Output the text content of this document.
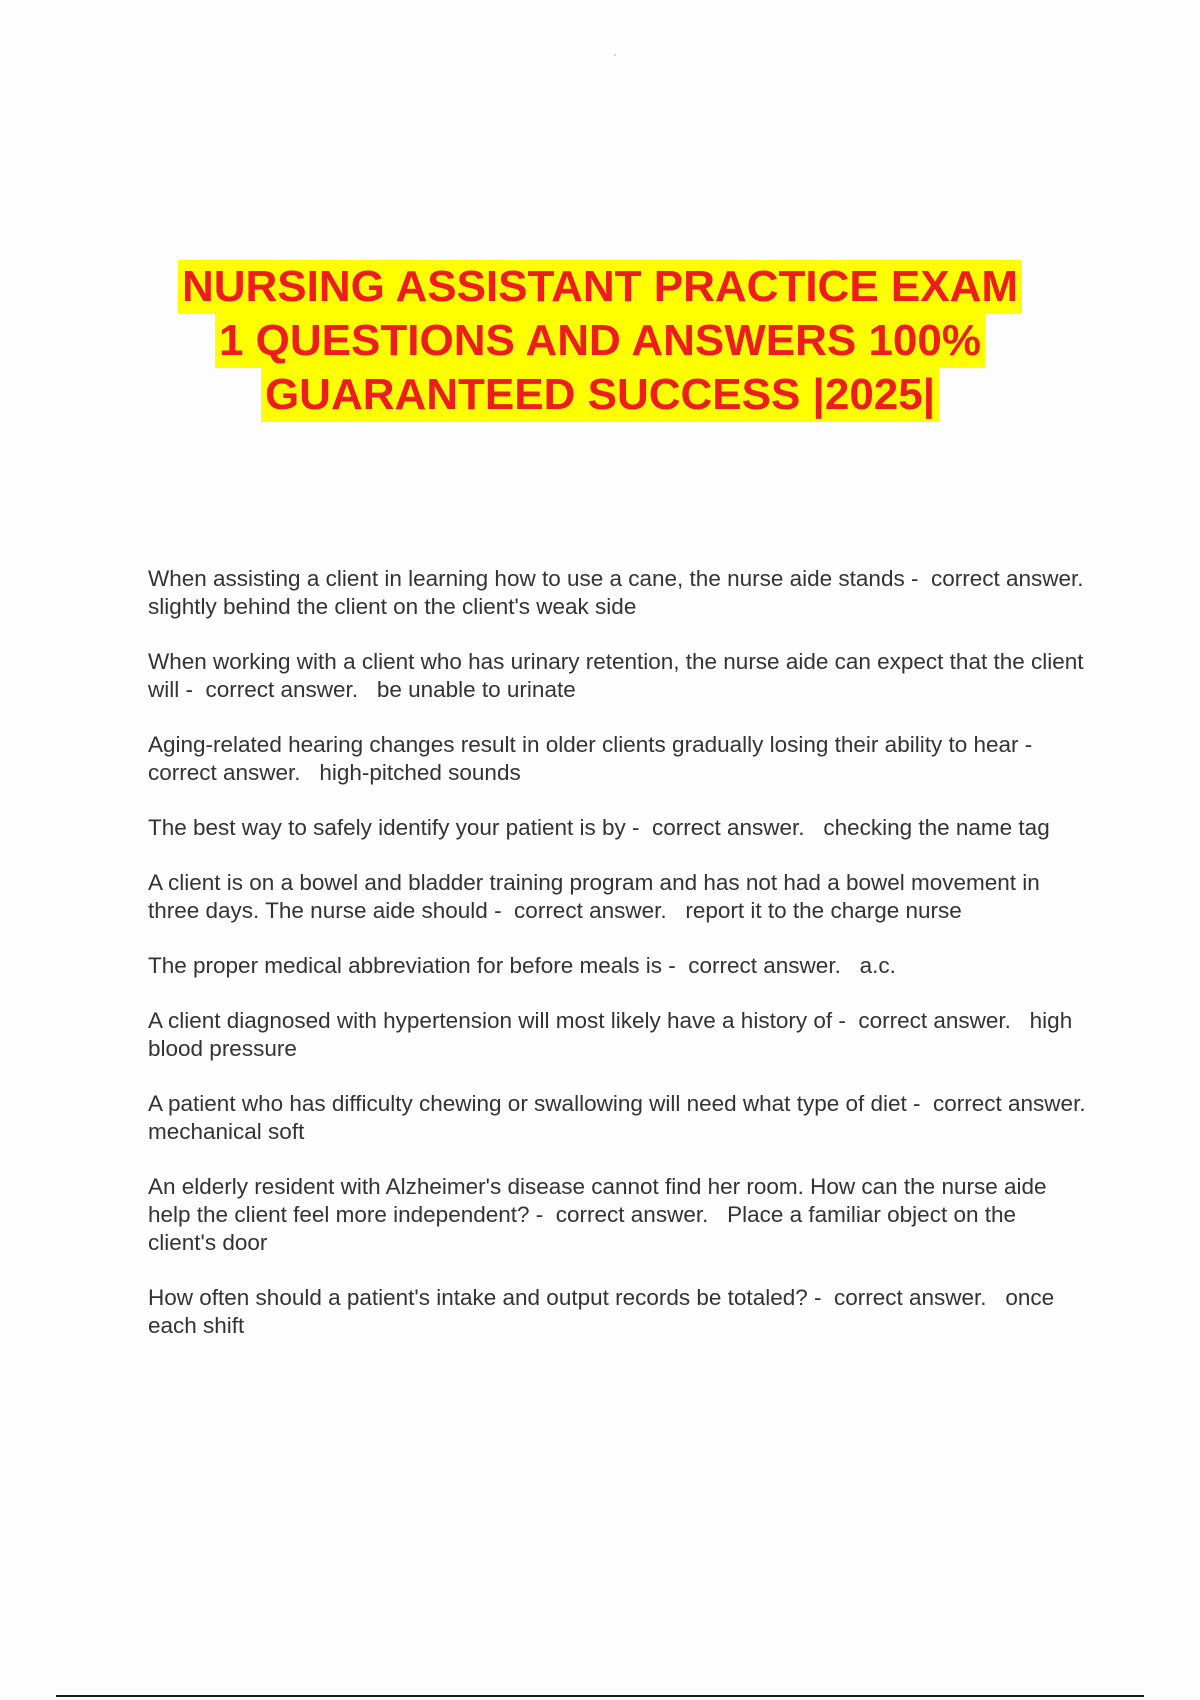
NURSING ASSISTANT PRACTICE EXAM
1 QUESTIONS AND ANSWERS 100%
GUARANTEED SUCCESS |2025|

When assisting a client in learning how to use a cane, the nurse aide stands -  correct answer.   slightly behind the client on the client's weak side

When working with a client who has urinary retention, the nurse aide can expect that the client will -  correct answer.   be unable to urinate

Aging-related hearing changes result in older clients gradually losing their ability to hear -  correct answer.   high-pitched sounds

The best way to safely identify your patient is by -  correct answer.   checking the name tag

A client is on a bowel and bladder training program and has not had a bowel movement in three days. The nurse aide should -  correct answer.   report it to the charge nurse

The proper medical abbreviation for before meals is -  correct answer.   a.c.

A client diagnosed with hypertension will most likely have a history of -  correct answer.   high blood pressure

A patient who has difficulty chewing or swallowing will need what type of diet -  correct answer.   mechanical soft

An elderly resident with Alzheimer's disease cannot find her room. How can the nurse aide help the client feel more independent? -  correct answer.   Place a familiar object on the client's door

How often should a patient's intake and output records be totaled? -  correct answer.   once each shift
